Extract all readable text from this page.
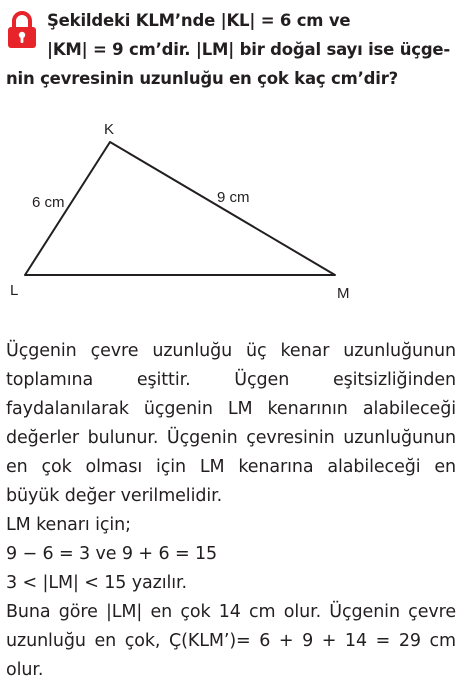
Şekildeki KLM’nde |KL| = 6 cm ve
|KM| = 9 cm’dir. |LM| bir doğal sayı ise üçge-
nin çevresinin uzunluğu en çok kaç cm’dir?
K
L	M
6 cm	9 cm
Üçgenin çevre uzunluğu üç kenar uzunluğunun toplamına eşittir. Üçgen eşitsizliğinden faydalanılarak üçgenin LM kenarının alabileceği değerler bulunur. Üçgenin çevresinin uzunluğunun en çok olması için LM kenarına alabileceği en büyük değer verilmelidir.
LM kenarı için;
9 − 6 = 3 ve 9 + 6 = 15
3 < |LM| < 15 yazılır.
Buna göre |LM| en çok 14 cm olur. Üçgenin çevre uzunluğu en çok, Ç(KLM’)= 6 + 9 + 14 = 29 cm olur.
